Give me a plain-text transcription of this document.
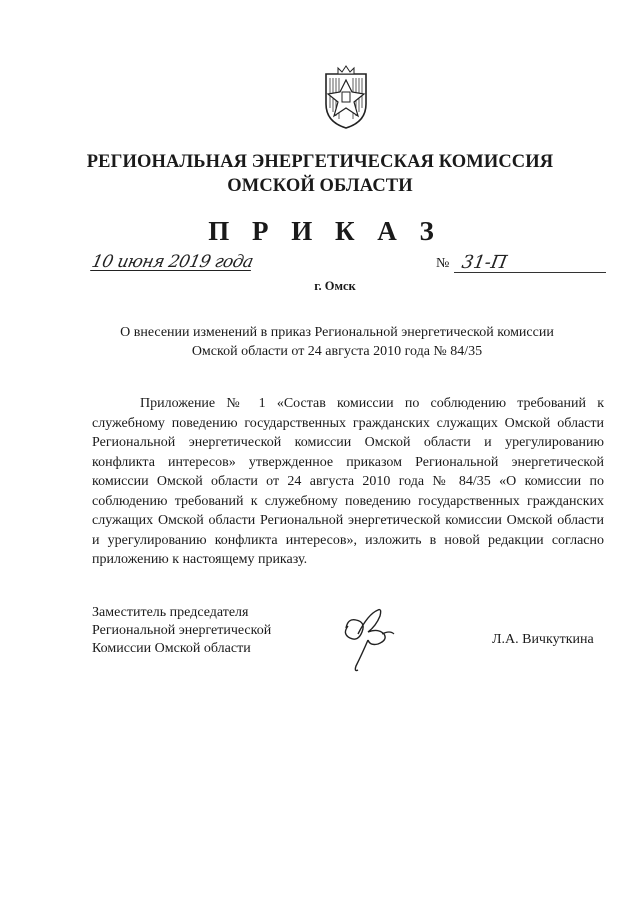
РЕГИОНАЛЬНАЯ ЭНЕРГЕТИЧЕСКАЯ КОМИССИЯ
ОМСКОЙ ОБЛАСТИ
П Р И К А З
10 июня 2019 года	№ 31-П
г. Омск
О внесении изменений в приказ Региональной энергетической комиссии Омской области от 24 августа 2010 года № 84/35

Приложение № 1 «Состав комиссии по соблюдению требований к служебному поведению государственных гражданских служащих Омской области Региональной энергетической комиссии Омской области и урегулированию конфликта интересов» утвержденное приказом Региональной энергетической комиссии Омской области от 24 августа 2010 года № 84/35 «О комиссии по соблюдению требований к служебному поведению государственных гражданских служащих Омской области Региональной энергетической комиссии Омской области и урегулированию конфликта интересов», изложить в новой редакции согласно приложению к настоящему приказу.

Заместитель председателя
Региональной энергетической
Комиссии Омской области
Л.А. Вичкуткина
